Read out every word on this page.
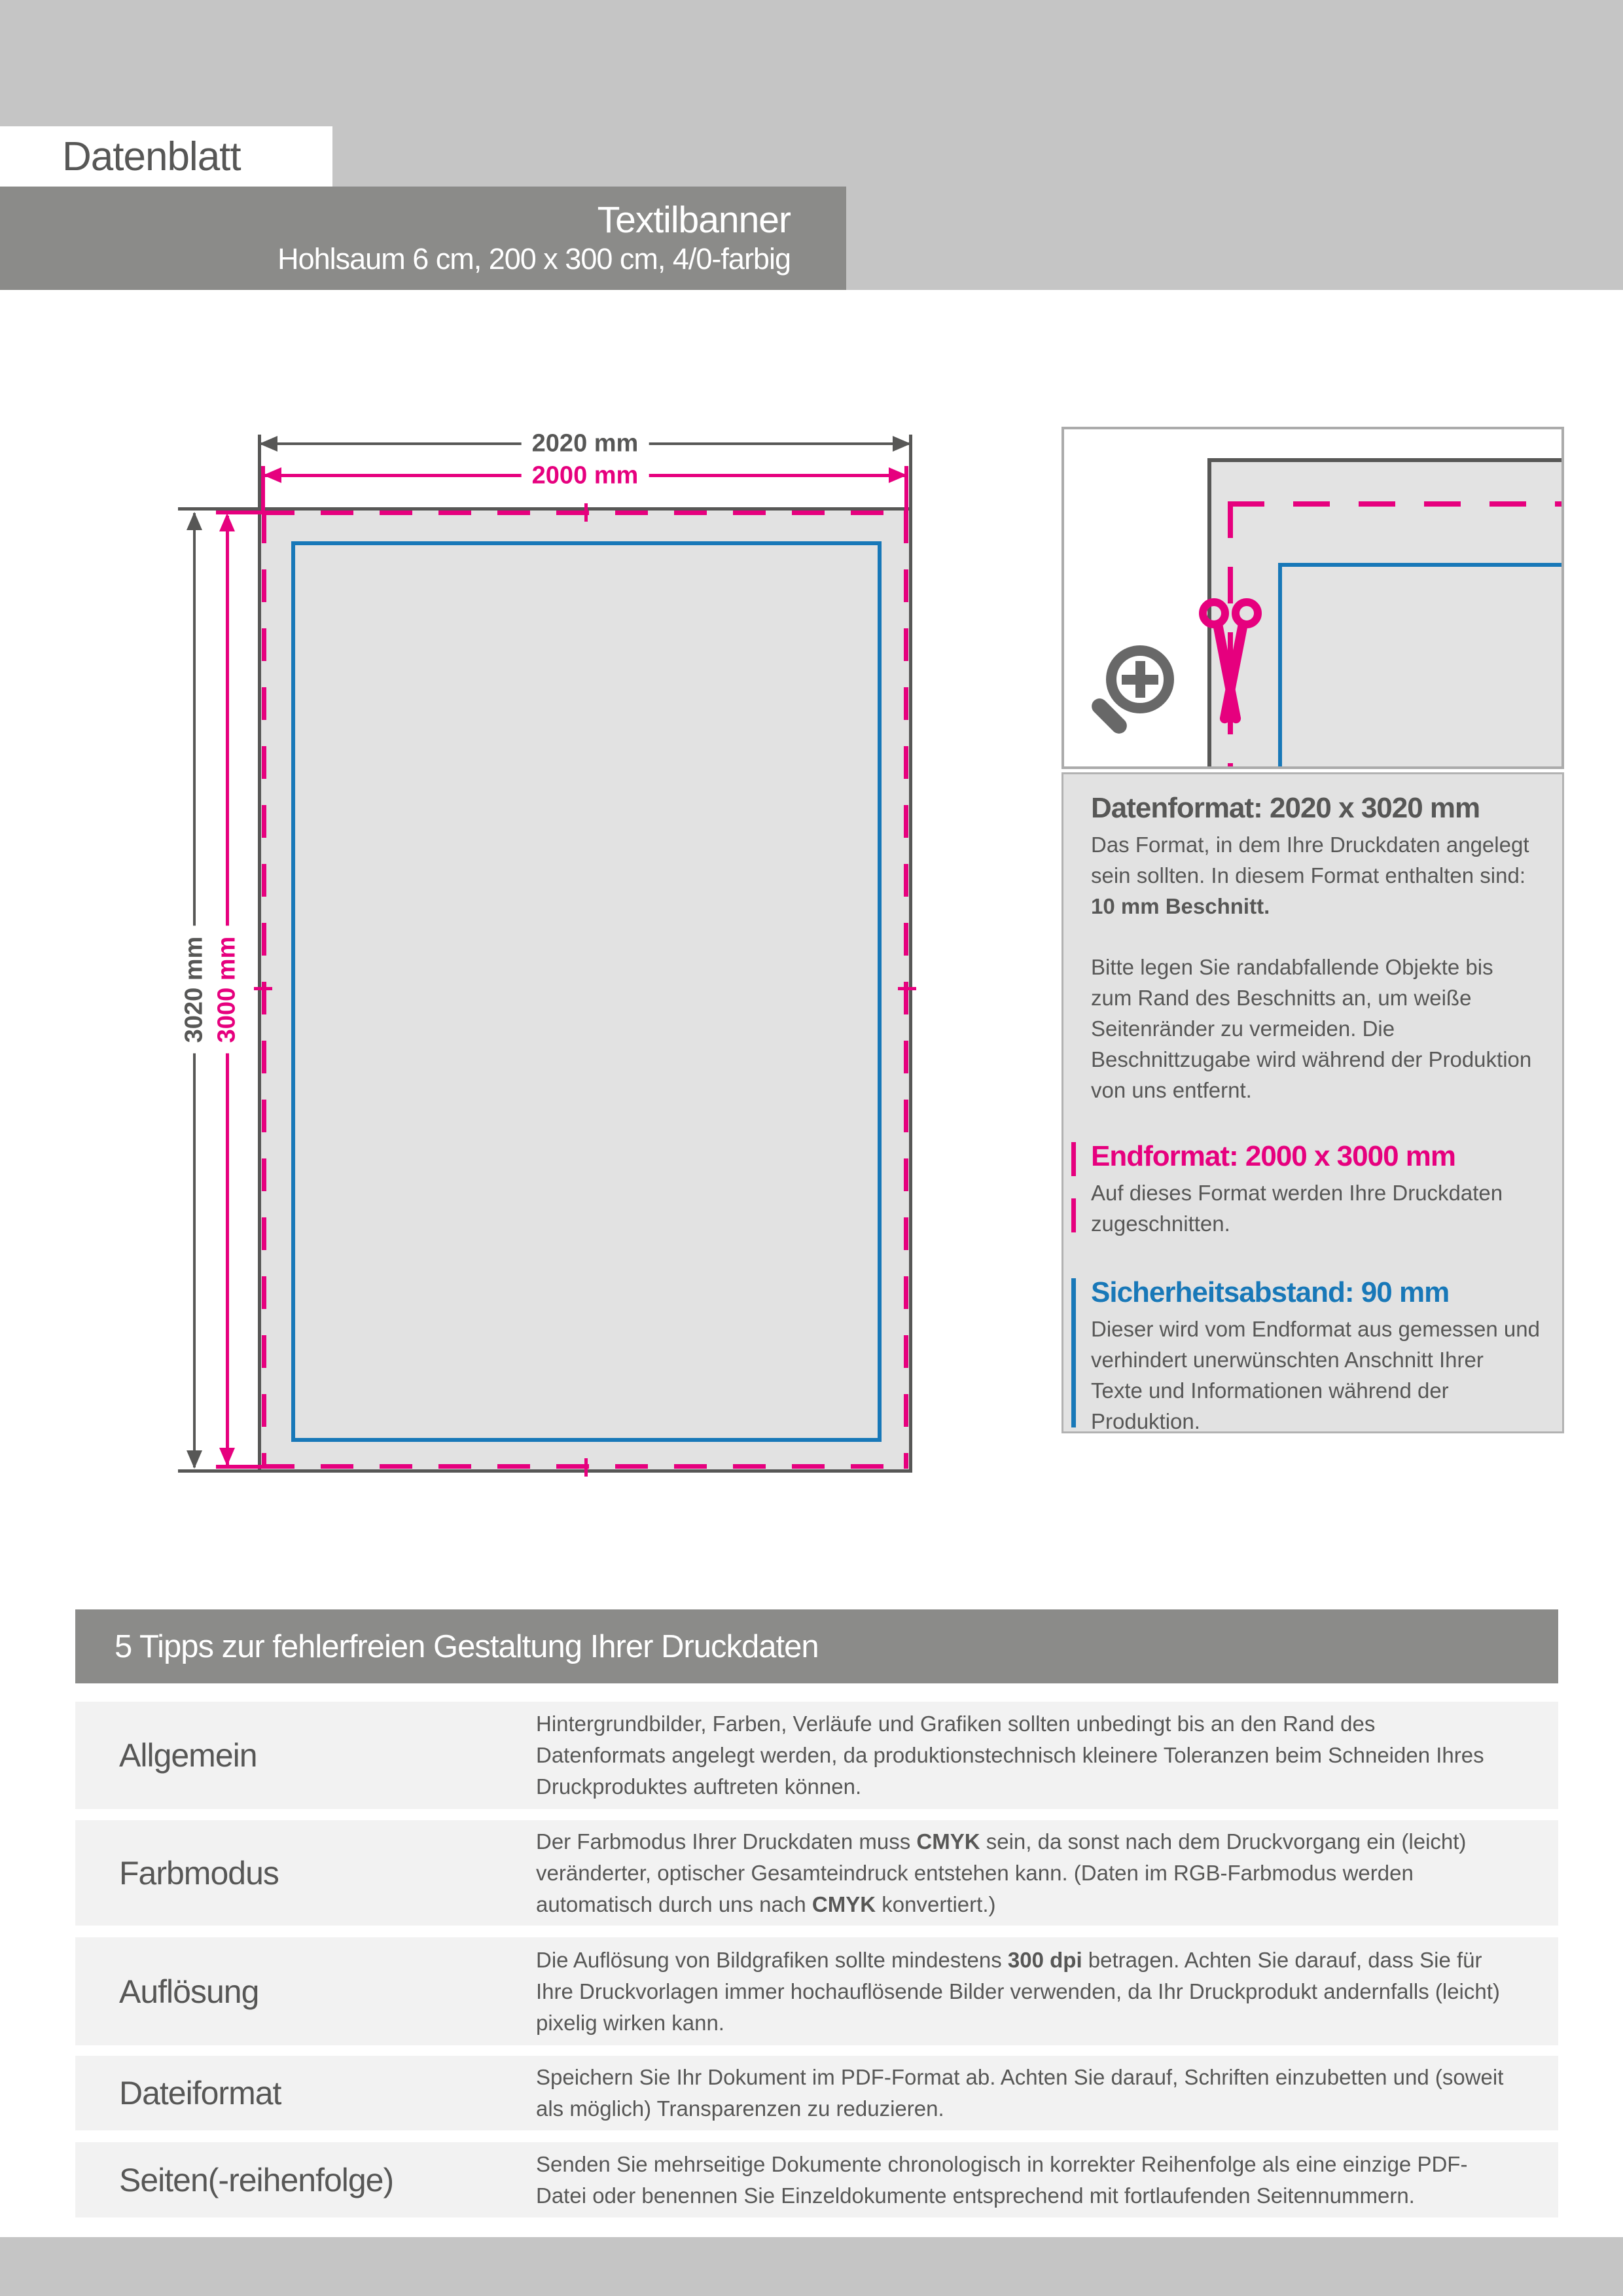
Datenblatt
Textilbanner
Hohlsaum 6 cm, 200 x 300 cm, 4/0-farbig
2020 mm
2000 mm
3020 mm 3000 mm
Datenformat: 2020 x 3020 mm

Das Format, in dem Ihre Druckdaten angelegt sein sollten. In diesem Format enthalten sind: 10 mm Beschnitt.

Bitte legen Sie randabfallende Objekte bis zum Rand des Beschnitts an, um weiße Seitenränder zu vermeiden. Die Beschnittzugabe wird während der Produktion von uns entfernt.

Endformat: 2000 x 3000 mm

Auf dieses Format werden Ihre Druckdaten zugeschnitten.

Sicherheitsabstand: 90 mm

Dieser wird vom Endformat aus gemessen und verhindert unerwünschten Anschnitt Ihrer Texte und Informationen während der Produktion.

5 Tipps zur fehlerfreien Gestaltung Ihrer Druckdaten
Allgemein
Hintergrundbilder, Farben, Verläufe und Grafiken sollten unbedingt bis an den Rand des Datenformats angelegt werden, da produktionstechnisch kleinere Toleranzen beim Schneiden Ihres Druckproduktes auftreten können.
Farbmodus
Der Farbmodus Ihrer Druckdaten muss CMYK sein, da sonst nach dem Druckvorgang ein (leicht) veränderter, optischer Gesamteindruck entstehen kann. (Daten im RGB-Farbmodus werden automatisch durch uns nach CMYK konvertiert.)
Auflösung
Die Auflösung von Bildgrafiken sollte mindestens 300 dpi betragen. Achten Sie darauf, dass Sie für Ihre Druckvorlagen immer hochauflösende Bilder verwenden, da Ihr Druckprodukt andernfalls (leicht) pixelig wirken kann.
Dateiformat	Speichern Sie Ihr Dokument im PDF-Format ab. Achten Sie darauf, Schriften einzubetten und (soweit als möglich) Transparenzen zu reduzieren.
Seiten(-reihenfolge)	Senden Sie mehrseitige Dokumente chronologisch in korrekter Reihenfolge als eine einzige PDF-Datei oder benennen Sie Einzeldokumente entsprechend mit fortlaufenden Seitennummern.
